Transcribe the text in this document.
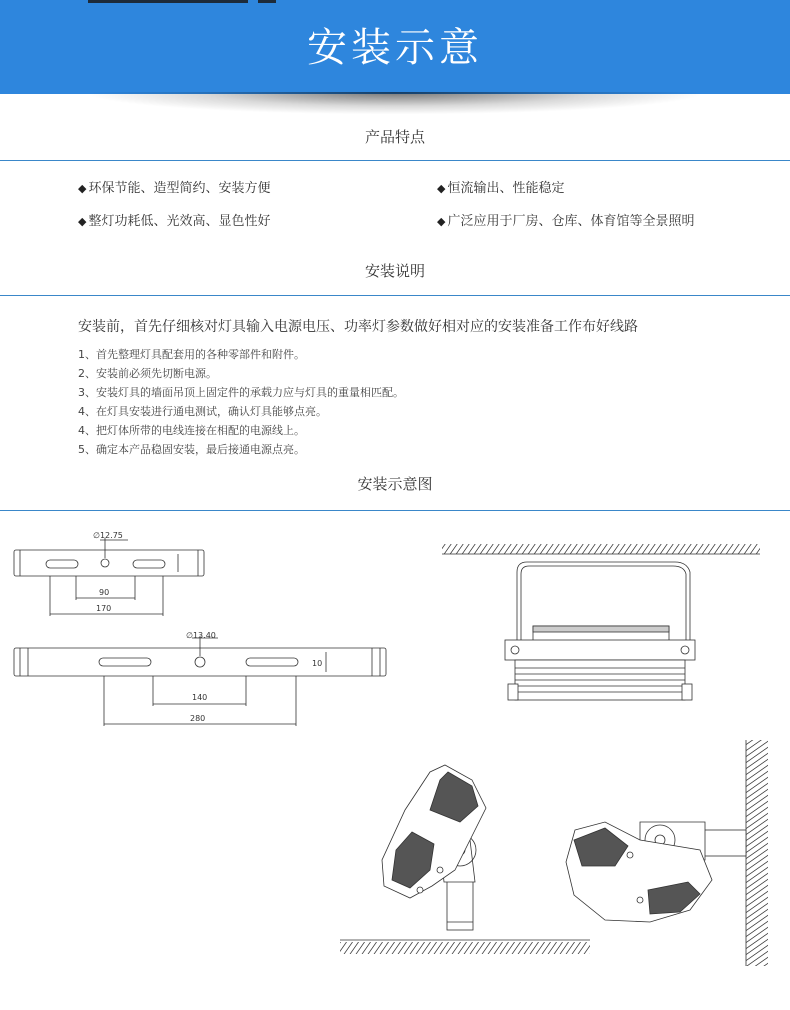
安装示意
产品特点
◆ 环保节能、造型简约、安装方便	◆ 恒流输出、性能稳定
◆ 整灯功耗低、光效高、显色性好	◆ 广泛应用于厂房、仓库、体育馆等全景照明
安装说明
安装前，首先仔细核对灯具输入电源电压、功率灯参数做好相对应的安装准备工作布好线路
1、首先整理灯具配套用的各种零部件和附件。
2、安装前必须先切断电源。
3、安装灯具的墙面吊顶上固定件的承载力应与灯具的重量相匹配。
4、在灯具安装进行通电测试，确认灯具能够点亮。
4、把灯体所带的电线连接在相配的电源线上。
5、确定本产品稳固安装，最后接通电源点亮。
安装示意图
∅12.75
90
170
∅13.40
140
280
10
